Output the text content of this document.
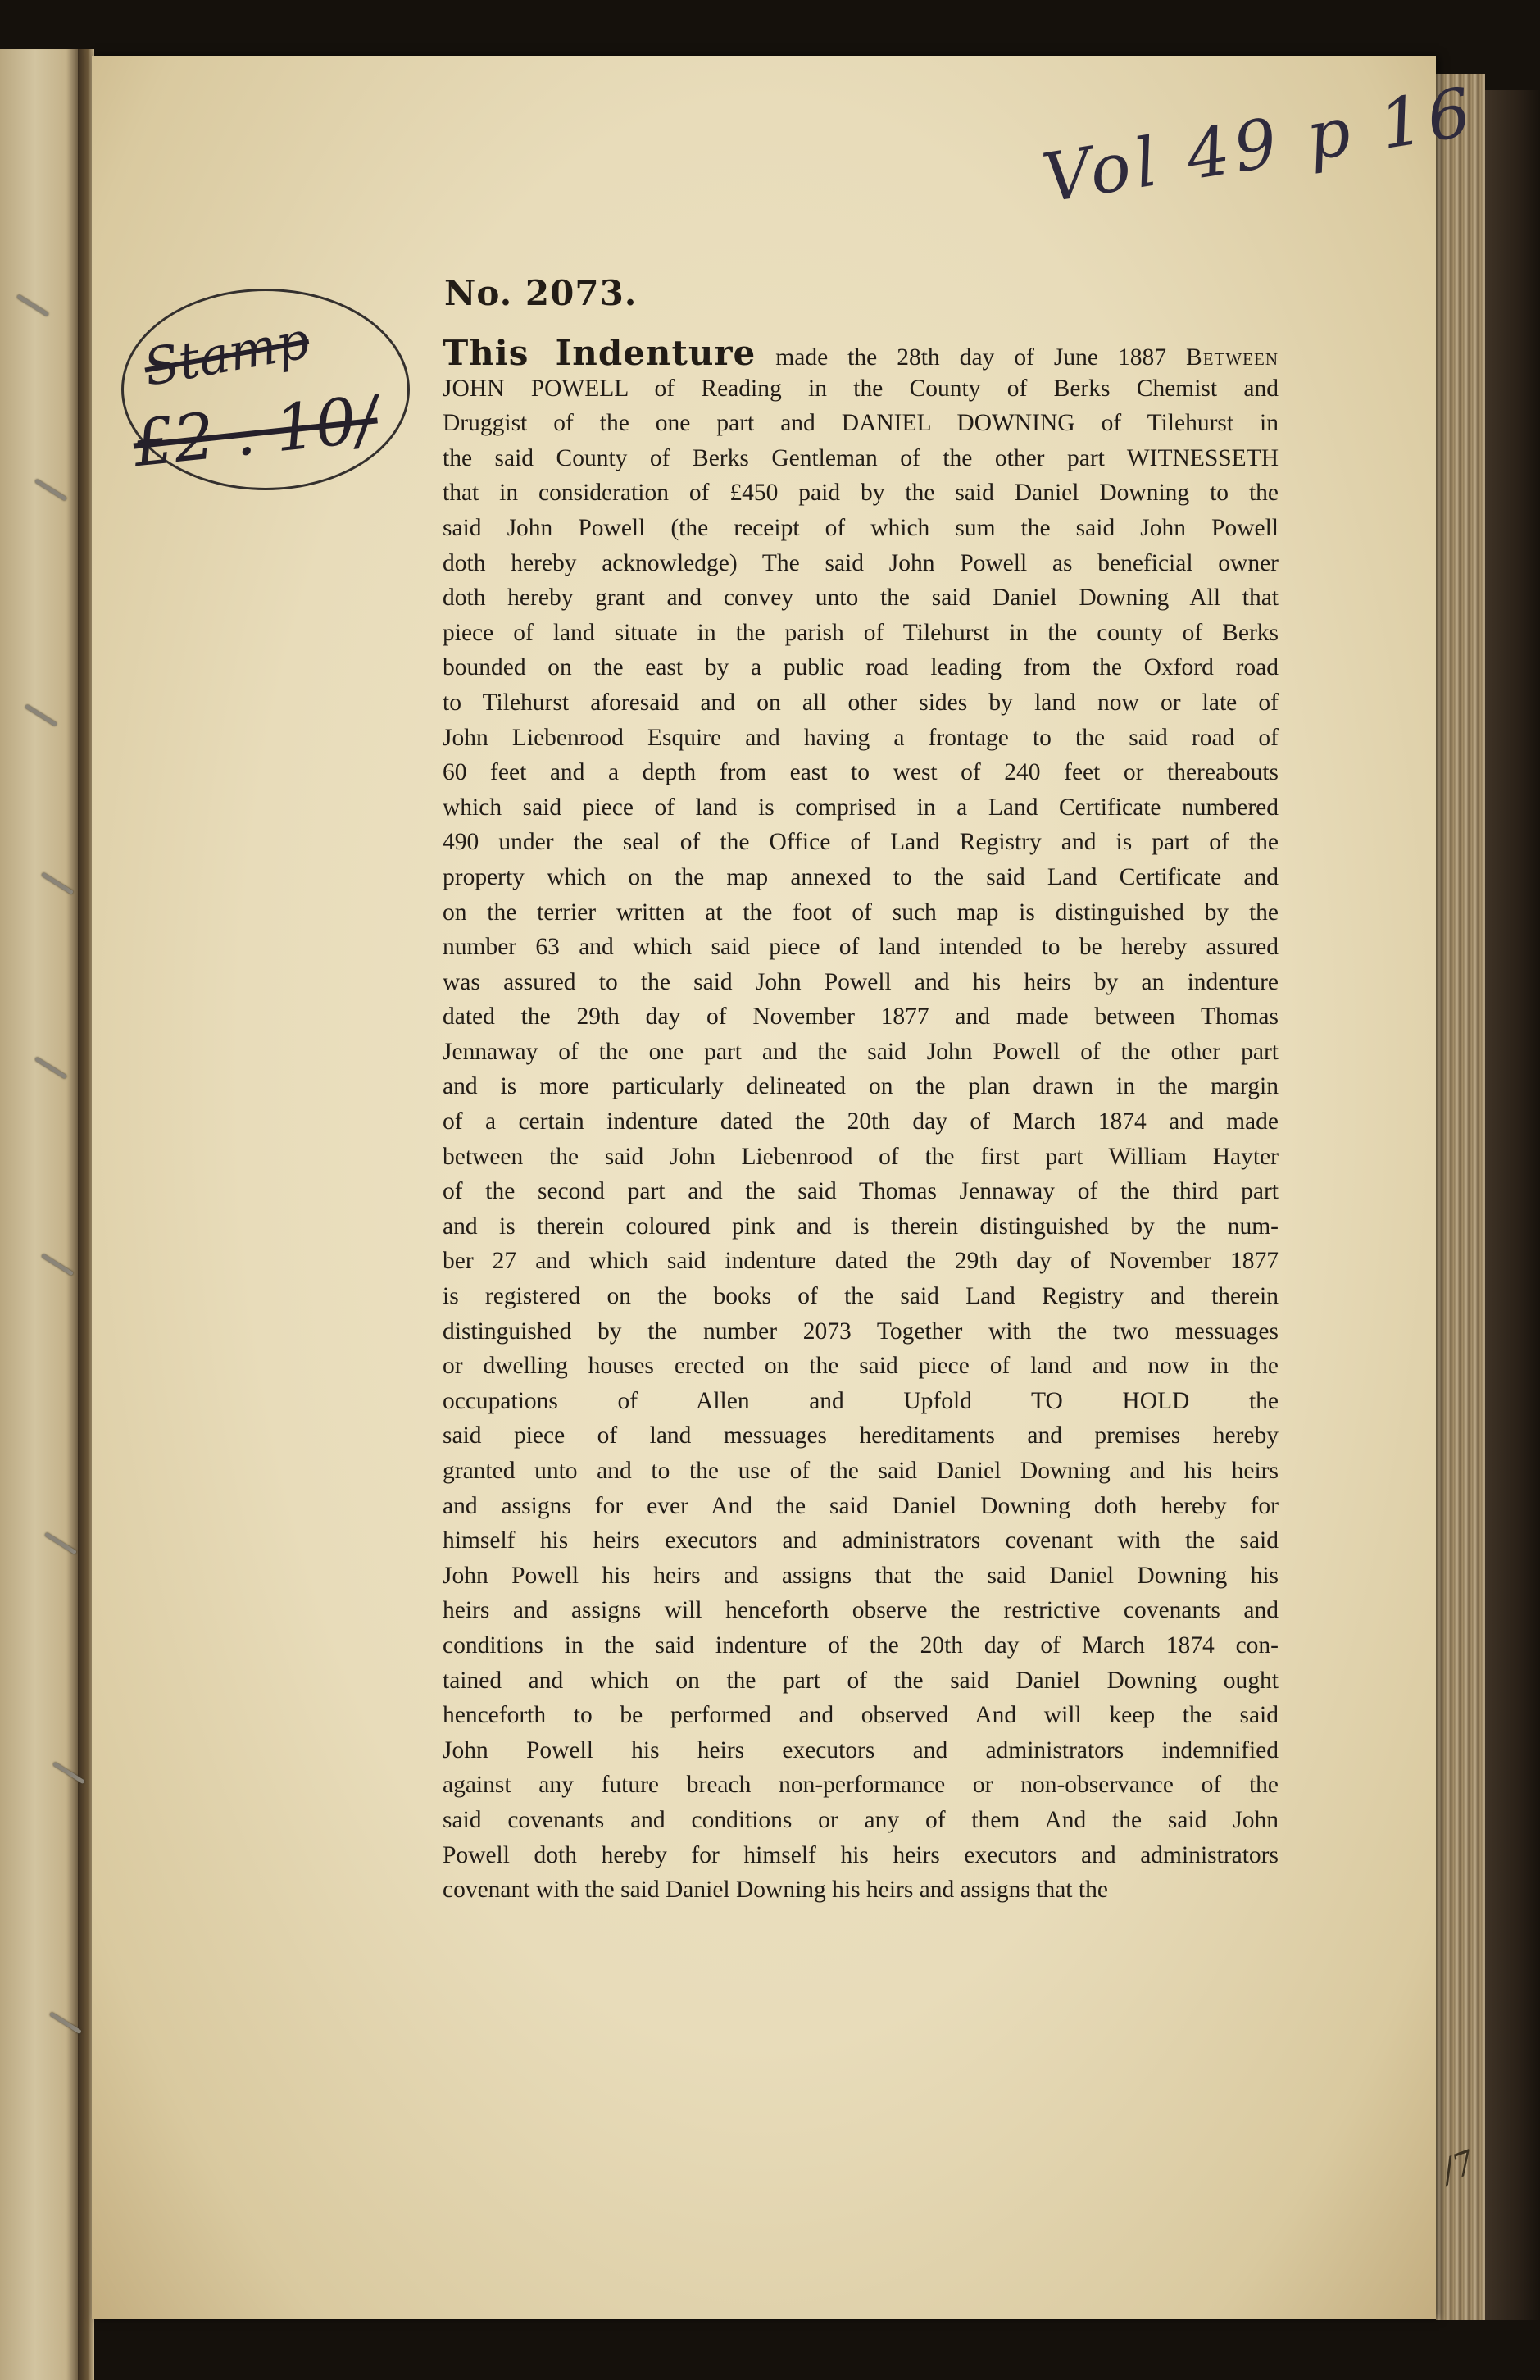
Vol 49 p 16
Stamp
£2 . 10/
No. 2073.
This Indenture made the 28th day of June 1887 Between
JOHN POWELL of Reading in the County of Berks Chemist and
Druggist of the one part and DANIEL DOWNING of Tilehurst in
the said County of Berks Gentleman of the other part WITNESSETH
that in consideration of £450 paid by the said Daniel Downing to the
said John Powell (the receipt of which sum the said John Powell
doth hereby acknowledge) The said John Powell as beneficial owner
doth hereby grant and convey unto the said Daniel Downing All that
piece of land situate in the parish of Tilehurst in the county of Berks
bounded on the east by a public road leading from the Oxford road
to Tilehurst aforesaid and on all other sides by land now or late of
John Liebenrood Esquire and having a frontage to the said road of
60 feet and a depth from east to west of 240 feet or thereabouts
which said piece of land is comprised in a Land Certificate numbered
490 under the seal of the Office of Land Registry and is part of the
property which on the map annexed to the said Land Certificate and
on the terrier written at the foot of such map is distinguished by the
number 63 and which said piece of land intended to be hereby assured
was assured to the said John Powell and his heirs by an indenture
dated the 29th day of November 1877 and made between Thomas
Jennaway of the one part and the said John Powell of the other part
and is more particularly delineated on the plan drawn in the margin
of a certain indenture dated the 20th day of March 1874 and made
between the said John Liebenrood of the first part William Hayter
of the second part and the said Thomas Jennaway of the third part
and is therein coloured pink and is therein distinguished by the num-
ber 27 and which said indenture dated the 29th day of November 1877
is registered on the books of the said Land Registry and therein
distinguished by the number 2073 Together with the two messuages
or dwelling houses erected on the said piece of land and now in the
occupations of Allen and Upfold TO HOLD the
said piece of land messuages hereditaments and premises hereby
granted unto and to the use of the said Daniel Downing and his heirs
and assigns for ever And the said Daniel Downing doth hereby for
himself his heirs executors and administrators covenant with the said
John Powell his heirs and assigns that the said Daniel Downing his
heirs and assigns will henceforth observe the restrictive covenants and
conditions in the said indenture of the 20th day of March 1874 con-
tained and which on the part of the said Daniel Downing ought
henceforth to be performed and observed And will keep the said
John Powell his heirs executors and administrators indemnified
against any future breach non-performance or non-observance of the
said covenants and conditions or any of them And the said John
Powell doth hereby for himself his heirs executors and administrators
covenant with the said Daniel Downing his heirs and assigns that the
/7
